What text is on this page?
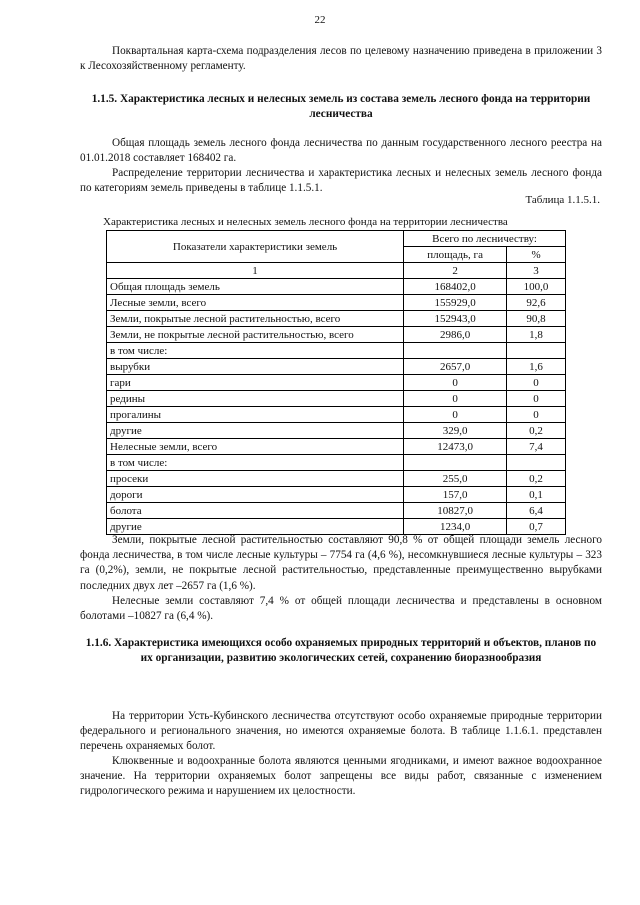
22

Поквартальная карта-схема подразделения лесов по целевому назначению приведена в приложении 3 к Лесохозяйственному регламенту.

1.1.5. Характеристика лесных и нелесных земель из состава земель лесного фонда на территории лесничества

Общая площадь земель лесного фонда лесничества по данным государственного лесного реестра на 01.01.2018 составляет 168402 га.

Распределение территории лесничества и характеристика лесных и нелесных земель лесного фонда по категориям земель приведены в таблице 1.1.5.1.

Таблица 1.1.5.1.
Характеристика лесных и нелесных земель лесного фонда на территории лесничества
Показатели характеристики земель	Всего по лесничеству:	
	площадь, га	%
1	2	3
Общая площадь земель	168402,0	100,0
Лесные земли, всего	155929,0	92,6
Земли, покрытые лесной растительностью, всего	152943,0	90,8
Земли, не покрытые лесной растительностью, всего	2986,0	1,8
в том числе:		
вырубки	2657,0	1,6
гари	0	0
редины	0	0
прогалины	0	0
другие	329,0	0,2
Нелесные земли, всего	12473,0	7,4
в том числе:		
просеки	255,0	0,2
дороги	157,0	0,1
болота	10827,0	6,4
другие	1234,0	0,7

Земли, покрытые лесной растительностью составляют 90,8 % от общей площади земель лесного фонда лесничества, в том числе лесные культуры – 7754 га (4,6 %), несомкнувшиеся лесные культуры – 323 га (0,2%), земли, не покрытые лесной растительностью, представленные преимущественно вырубками последних двух лет –2657 га (1,6 %).

Нелесные земли составляют 7,4 % от общей площади лесничества и представлены в основном болотами –10827 га (6,4 %).

1.1.6. Характеристика имеющихся особо охраняемых природных территорий и объектов, планов по их организации, развитию экологических сетей, сохранению биоразнообразия

На территории Усть-Кубинского лесничества отсутствуют особо охраняемые природные территории федерального и регионального значения, но имеются охраняемые болота. В таблице 1.1.6.1. представлен перечень охраняемых болот.

Клюквенные и водоохранные болота являются ценными ягодниками, и имеют важное водоохранное значение. На территории охраняемых болот запрещены все виды работ, связанные с изменением гидрологического режима и нарушением их целостности.
